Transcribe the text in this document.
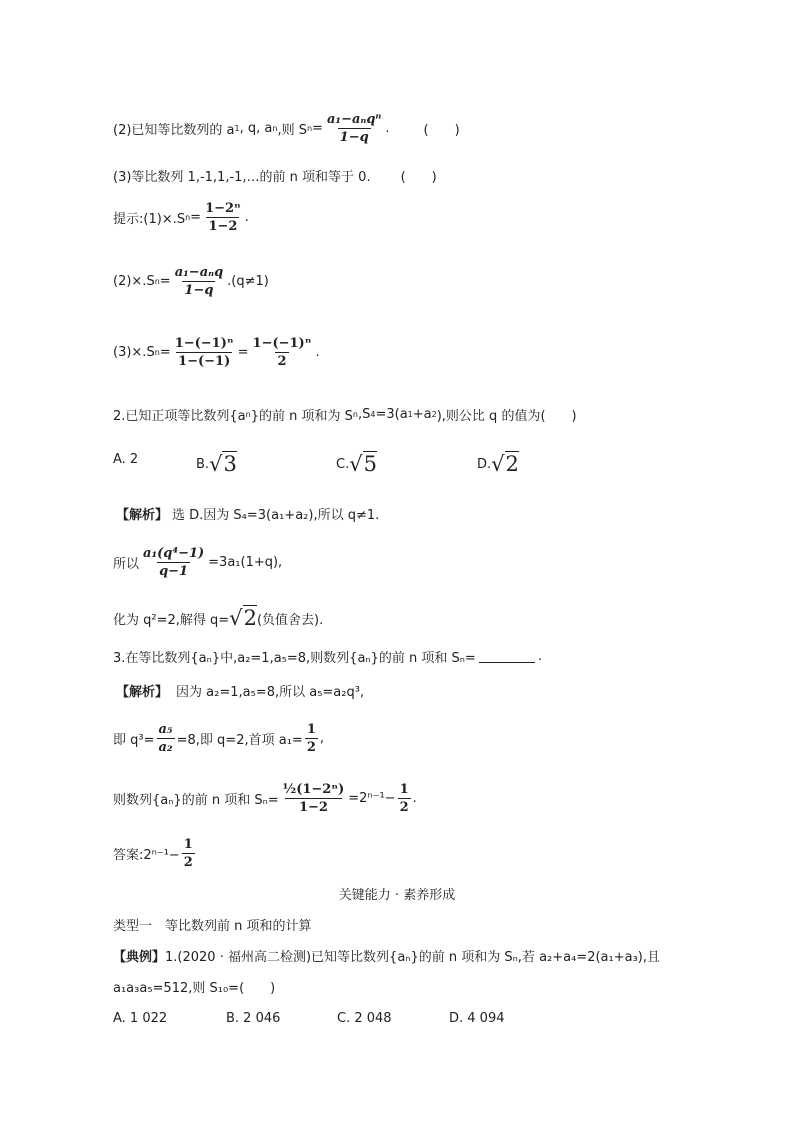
(2)已知等比数列的 a 1 , q, a n ,则 S $n = \frac{\text{a₁−aₙqⁿ}}{1-q}$ .	(　　)
(3)等比数列 1,-1,1,-1,…的前 n 项和等于 0. (　　)
提示:(1)×.S $n = \frac{\text{1−2ⁿ}}{1-2}$ .
(2)×.S $n = \frac{\text{a₁−aₙq}}{1-q} .(q\ne 1)$
(3)×.S $n = \frac{\text{1−(−1)ⁿ}}{1-(-1)} = \frac{\text{1−(−1)ⁿ}}{2}$ .
2.已知正项等比数列{a n }的前 n 项和为 S n ,S 4 =3(a 1 +a 2 ),则公比 q 的值为(　　)
A. 2	B. √3	C. √5	D. √2
【解析】 选 D.因为 S₄=3(a₁+a₂),所以 q≠1.
所以 $\frac{\text{a₁(q⁴−1)}}{q-1} =3a_1(1+q)$,
化为 q²=2,解得 q= √2 (负值舍去).
3.在等比数列{aₙ}中,a₂=1,a₅=8,则数列{aₙ}的前 n 项和 Sₙ=	.
【解析】 因为 a₂=1,a₅=8,所以 a₅=a₂q³,
即 $q^3= \frac{\text{a₅}}{\text{a₂}} =8$,即 q=2,首项 $a_1= \frac{1}{2}$ ,
则数列{aₙ}的前 n 项和 $S_n= \frac{\text{½(1−2ⁿ)}}{1-2} =2^{n-1}- \frac{1}{2}$ .
答案:2ⁿ⁻¹− $\frac{1}{2}$
关键能力 · 素养形成
类型一　等比数列前 n 项和的计算
【典例】 1.(2020 · 福州高二检测)已知等比数列{aₙ}的前 n 项和为 Sₙ,若 a₂+a₄=2(a₁+a₃),且
a₁a₃a₅=512,则 S₁₀=(　　)
A. 1 022	B. 2 046	C. 2 048	D. 4 094
